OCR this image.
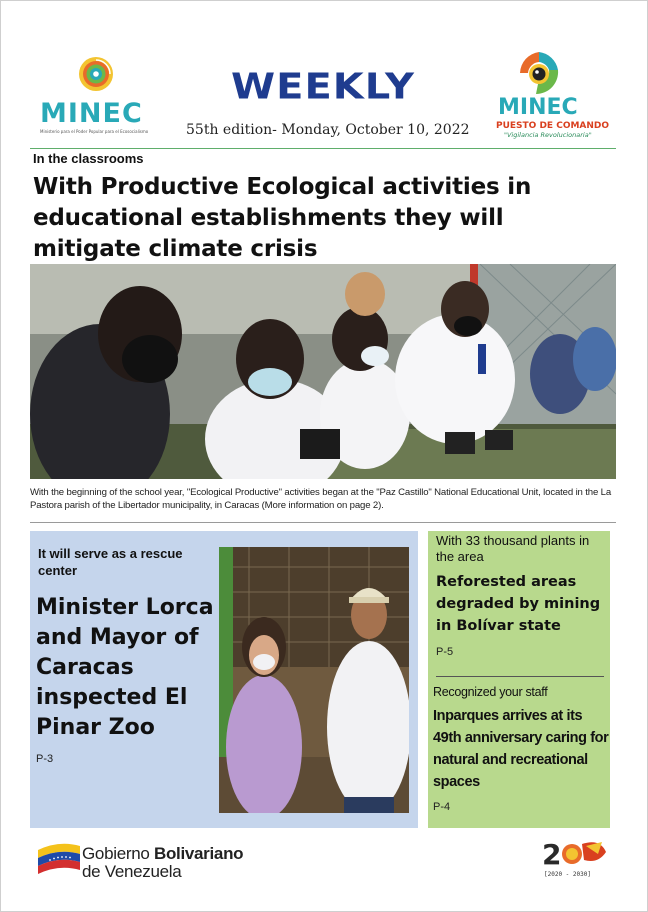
MINEC
Ministerio para el Poder Popular para el Ecosocialismo
WEEKLY
55th edition- Monday, October 10, 2022
MINEC
PUESTO DE COMANDO
"Vigilancia Revolucionaria"
In the classrooms
With Productive Ecological activities in educational establishments they will mitigate climate crisis
With the beginning of the school year, "Ecological Productive" activities began at the "Paz Castillo" National Educational Unit, located in the La Pastora parish of the Libertador municipality, in Caracas (More information on page 2).
It will serve as a rescue center
Minister Lorca and Mayor of Caracas inspected El Pinar Zoo
P-3
With 33 thousand plants in the area
Reforested areas degraded by mining in Bolívar state
P-5
Recognized your staff
Inparques arrives at its 49th anniversary caring for natural and recreational spaces
P-4
Gobierno Bolivariano
de Venezuela
2
[2020 - 2030]
